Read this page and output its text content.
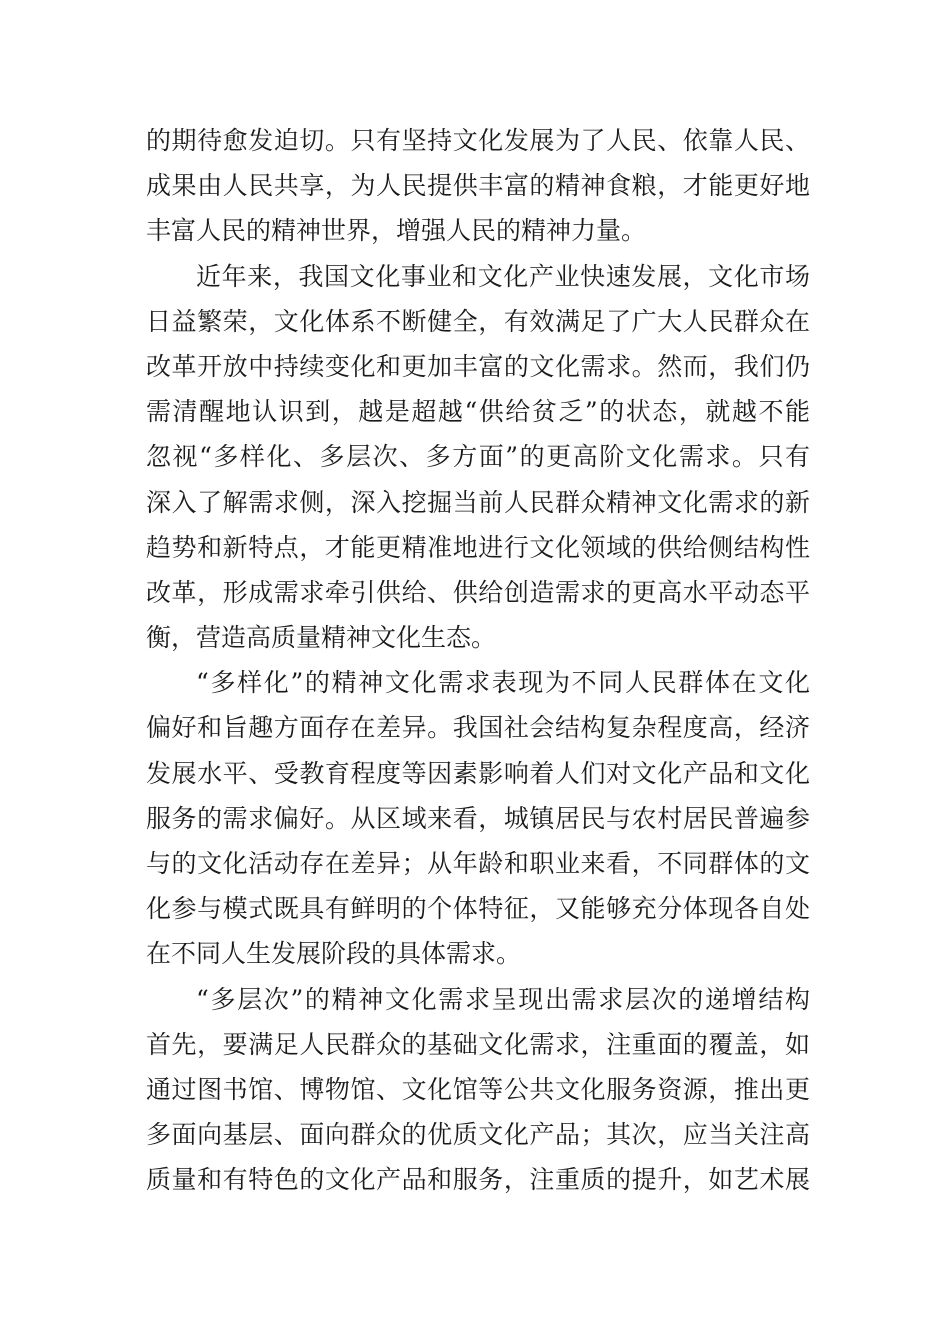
的期待愈发迫切。只有坚持文化发展为了人民、依靠人民、
成果由人民共享，为人民提供丰富的精神食粮，才能更好地
丰富人民的精神世界，增强人民的精神力量。
近年来，我国文化事业和文化产业快速发展，文化市场
日益繁荣，文化体系不断健全，有效满足了广大人民群众在
改革开放中持续变化和更加丰富的文化需求。然而，我们仍
需清醒地认识到，越是超越“供给贫乏”的状态，就越不能
忽视“多样化、多层次、多方面”的更高阶文化需求。只有
深入了解需求侧，深入挖掘当前人民群众精神文化需求的新
趋势和新特点，才能更精准地进行文化领域的供给侧结构性
改革，形成需求牵引供给、供给创造需求的更高水平动态平
衡，营造高质量精神文化生态。
“多样化”的精神文化需求表现为不同人民群体在文化
偏好和旨趣方面存在差异。我国社会结构复杂程度高，经济
发展水平、受教育程度等因素影响着人们对文化产品和文化
服务的需求偏好。从区域来看，城镇居民与农村居民普遍参
与的文化活动存在差异；从年龄和职业来看，不同群体的文
化参与模式既具有鲜明的个体特征，又能够充分体现各自处
在不同人生发展阶段的具体需求。
“多层次”的精神文化需求呈现出需求层次的递增结构
首先，要满足人民群众的基础文化需求，注重面的覆盖，如
通过图书馆、博物馆、文化馆等公共文化服务资源，推出更
多面向基层、面向群众的优质文化产品；其次，应当关注高
质量和有特色的文化产品和服务，注重质的提升，如艺术展
